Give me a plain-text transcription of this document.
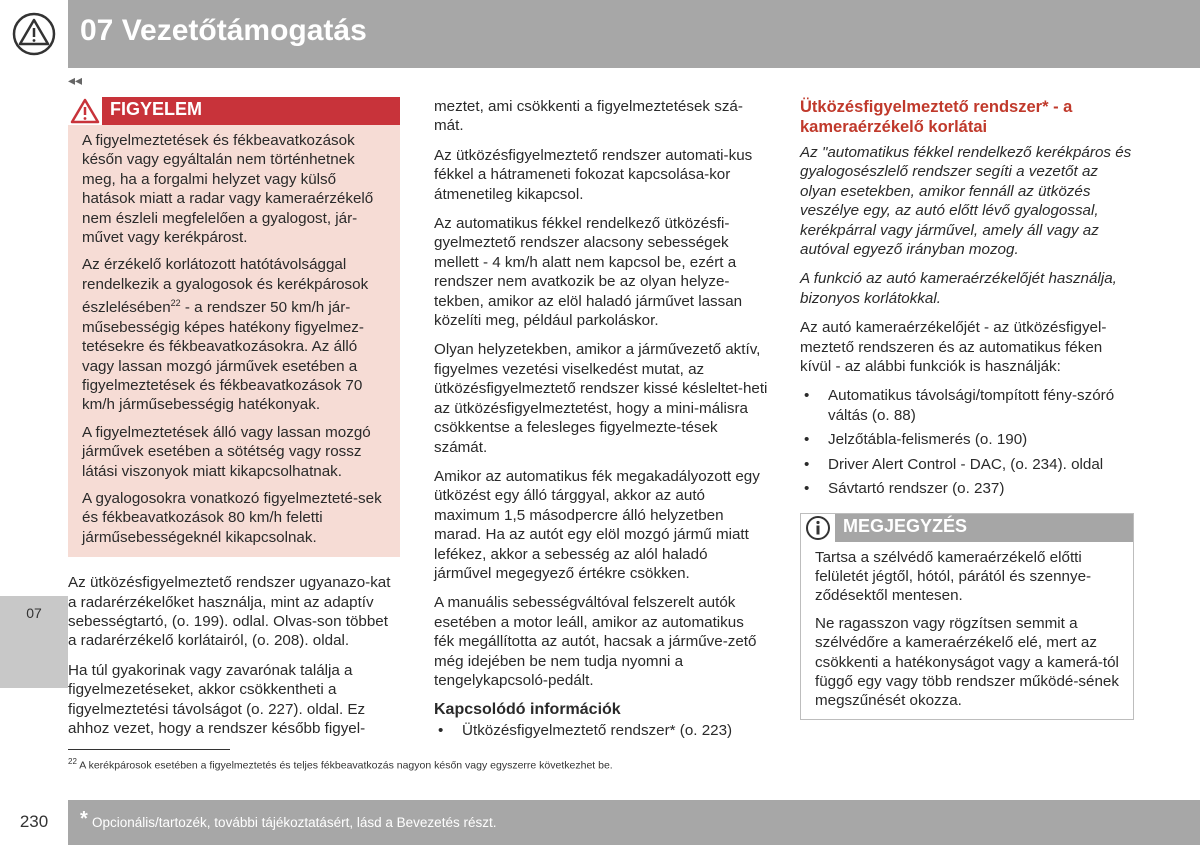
07 Vezetőtámogatás
◂◂
07
FIGYELEM

A figyelmeztetések és fékbeavatkozások későn vagy egyáltalán nem történhetnek meg, ha a forgalmi helyzet vagy külső hatások miatt a radar vagy kameraérzékelő nem észleli megfelelően a gyalogost, jár-művet vagy kerékpárost.

Az érzékelő korlátozott hatótávolsággal rendelkezik a gyalogosok és kerékpárosok észlelésében$^{22}$ - a rendszer 50 km/h jár-műsebességig képes hatékony figyelmez-tetésekre és fékbeavatkozásokra. Az álló vagy lassan mozgó járművek esetében a figyelmeztetések és fékbeavatkozások 70 km/h járműsebességig hatékonyak.

A figyelmeztetések álló vagy lassan mozgó járművek esetében a sötétség vagy rossz látási viszonyok miatt kikapcsolhatnak.

A gyalogosokra vonatkozó figyelmezteté-sek és fékbeavatkozások 80 km/h feletti járműsebességeknél kikapcsolnak.

Az ütközésfigyelmeztető rendszer ugyanazo-kat a radarérzékelőket használja, mint az adaptív sebességtartó, (o. 199). odlal. Olvas-son többet a radarérzékelő korlátairól, (o. 208). oldal.

Ha túl gyakorinak vagy zavarónak találja a figyelmezetéseket, akkor csökkentheti a figyelmeztetési távolságot (o. 227). oldal. Ez ahhoz vezet, hogy a rendszer később figyel-

meztet, ami csökkenti a figyelmeztetések szá-mát.

Az ütközésfigyelmeztető rendszer automati-kus fékkel a hátrameneti fokozat kapcsolása-kor átmenetileg kikapcsol.

Az automatikus fékkel rendelkező ütközésfi-gyelmeztető rendszer alacsony sebességek mellett - 4 km/h alatt nem kapcsol be, ezért a rendszer nem avatkozik be az olyan helyze-tekben, amikor az elöl haladó járművet lassan közelíti meg, például parkoláskor.

Olyan helyzetekben, amikor a járművezető aktív, figyelmes vezetési viselkedést mutat, az ütközésfigyelmeztető rendszer kissé késleltet-heti az ütközésfigyelmeztetést, hogy a mini-málisra csökkentse a felesleges figyelmezte-tések számát.

Amikor az automatikus fék megakadályozott egy ütközést egy álló tárggyal, akkor az autó maximum 1,5 másodpercre álló helyzetben marad. Ha az autót egy elöl mozgó jármű miatt lefékez, akkor a sebesség az alól haladó járművel megegyező értékre csökken.

A manuális sebességváltóval felszerelt autók esetében a motor leáll, amikor az automatikus fék megállította az autót, hacsak a járműve-zető még idejében be nem tudja nyomni a tengelykapcsoló-pedált.

Kapcsolódó információk
• Ütközésfigyelmeztető rendszer* (o. 223)
Ütközésfigyelmeztető rendszer* - a kameraérzékelő korlátai

Az "automatikus fékkel rendelkező kerékpáros és gyalogosészlelő rendszer segíti a vezetőt az olyan esetekben, amikor fennáll az ütközés veszélye egy, az autó előtt lévő gyalogossal, kerékpárral vagy járművel, amely áll vagy az autóval egyező irányban mozog.

A funkció az autó kameraérzékelőjét használja, bizonyos korlátokkal.

Az autó kameraérzékelőjét - az ütközésfigyel-meztető rendszeren és az automatikus féken kívül - az alábbi funkciók is használják:

• Automatikus távolsági/tompított fény-szóró váltás (o. 88)
• Jelzőtábla-felismerés (o. 190)
• Driver Alert Control - DAC, (o. 234). oldal
• Sávtartó rendszer (o. 237)
MEGJEGYZÉS

Tartsa a szélvédő kameraérzékelő előtti felületét jégtől, hótól, párától és szennye-ződésektől mentesen.

Ne ragasszon vagy rögzítsen semmit a szélvédőre a kameraérzékelő elé, mert az csökkenti a hatékonyságot vagy a kamerá-tól függő egy vagy több rendszer működé-sének megszűnését okozza.

$^{22}$ A kerékpárosok esetében a figyelmeztetés és teljes fékbeavatkozás nagyon későn vagy egyszerre következhet be.
230	* Opcionális/tartozék, további tájékoztatásért, lásd a Bevezetés részt.
